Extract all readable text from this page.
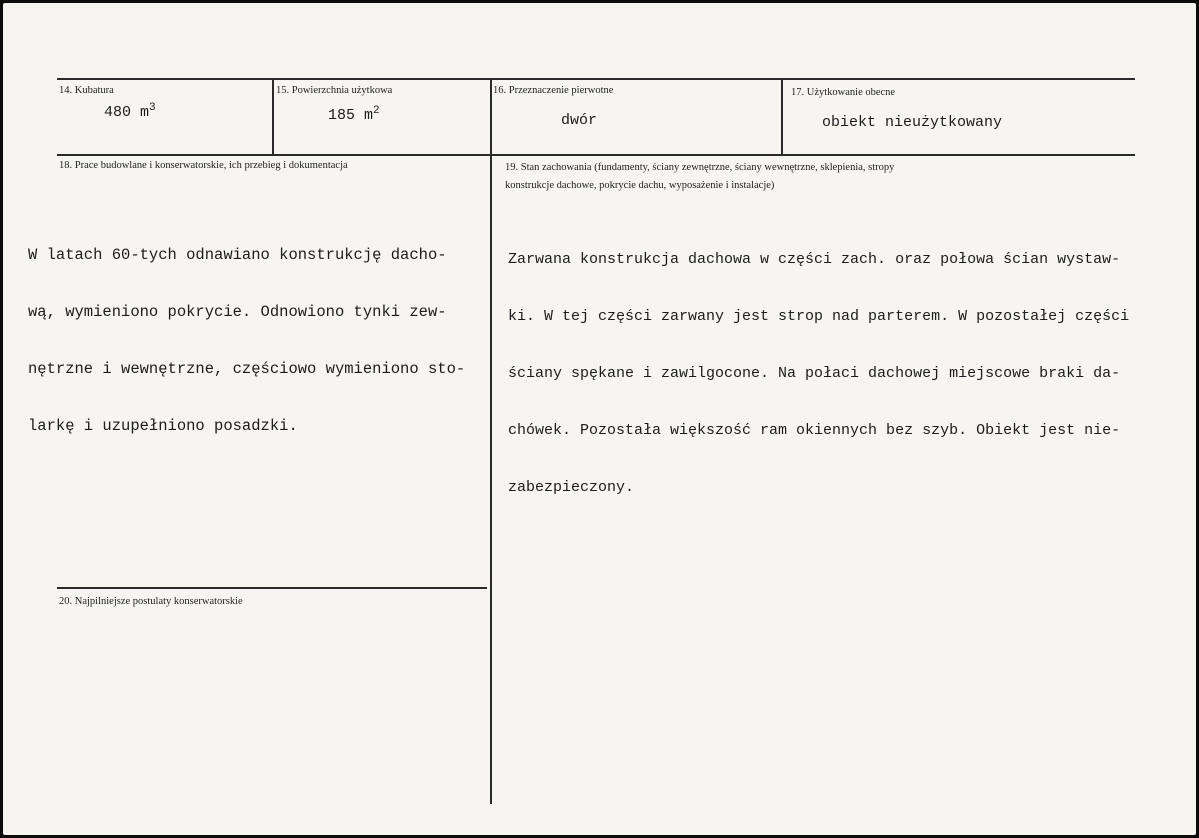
14. Kubatura
480 $m^3$
15. Powierzchnia użytkowa
185 $m^2$
16. Przeznaczenie pierwotne
dwór
17. Użytkowanie obecne
obiekt nieużytkowany
18. Prace budowlane i konserwatorskie, ich przebieg i dokumentacja

W latach 60-tych odnawiano konstrukcję dacho-

wą, wymieniono pokrycie. Odnowiono tynki zew-

nętrzne i wewnętrzne, częściowo wymieniono sto-

larkę i uzupełniono posadzki.

19. Stan zachowania (fundamenty, ściany zewnętrzne, ściany wewnętrzne, sklepienia, stropy
konstrukcje dachowe, pokrycie dachu, wyposażenie i instalacje)

Zarwana konstrukcja dachowa w części zach. oraz połowa ścian wystaw-

ki. W tej części zarwany jest strop nad parterem. W pozostałej części

ściany spękane i zawilgocone. Na połaci dachowej miejscowe braki da-

chówek. Pozostała większość ram okiennych bez szyb. Obiekt jest nie-

zabezpieczony.

20. Najpilniejsze postulaty konserwatorskie
